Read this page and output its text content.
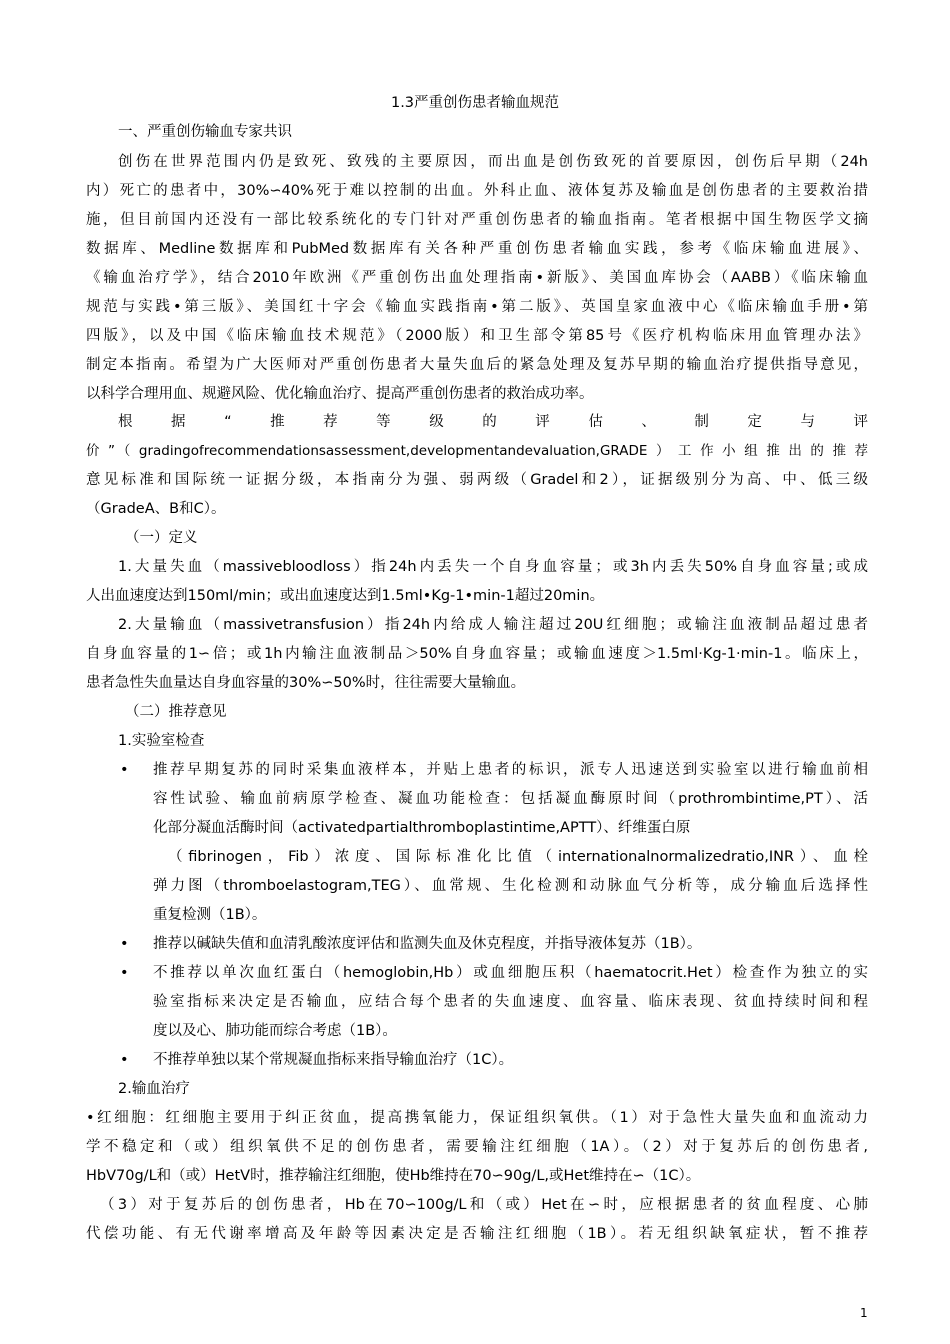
1.3严重创伤患者输血规范
一、严重创伤输血专家共识
创伤在世界范围内仍是致死、致残的主要原因，而出血是创伤致死的首要原因，创伤后早期（24h
内）死亡的患者中，30%∽40%死于难以控制的出血。外科止血、液体复苏及输血是创伤患者的主要救治措
施，但目前国内还没有一部比较系统化的专门针对严重创伤患者的输血指南。笔者根据中国生物医学文摘
数据库、Medline数据库和PubMed数据库有关各种严重创伤患者输血实践，参考《临床输血进展》、
《输血治疗学》，结合2010年欧洲《严重创伤出血处理指南•新版》、美国血库协会（AABB）《临床输血
规范与实践•第三版》、美国红十字会《输血实践指南•第二版》、英国皇家血液中心《临床输血手册•第
四版》，以及中国《临床输血技术规范》（2000版）和卫生部令第85号《医疗机构临床用血管理办法》
制定本指南。希望为广大医师对严重创伤患者大量失血后的紧急处理及复苏早期的输血治疗提供指导意见，
以科学合理用血、规避风险、优化输血治疗、提高严重创伤患者的救治成功率。
根据“推荐等级的评估、制定与评
价”（gradingofrecommendationsassessment,developmentandevaluation,GRADE）工作小组推出的推荐
意见标准和国际统一证据分级，本指南分为强、弱两级（Gradel和2），证据级别分为高、中、低三级
（GradeA、B和C）。
（一）定义
1.大量失血（massivebloodloss）指24h内丢失一个自身血容量；或3h内丢失50%自身血容量;或成
人出血速度达到150ml/min；或出血速度达到1.5ml•Kg-1•min-1超过20min。
2.大量输血（massivetransfusion）指24h内给成人输注超过20U红细胞；或输注血液制品超过患者
自身血容量的1∽倍；或1h内输注血液制品＞50%自身血容量；或输血速度＞1.5ml·Kg-1·min-1。临床上，
患者急性失血量达自身血容量的30%∽50%时，往往需要大量输血。
（二）推荐意见
1.实验室检查
• 推荐早期复苏的同时采集血液样本，并贴上患者的标识，派专人迅速送到实验室以进行输血前相
容性试验、输血前病原学检查、凝血功能检查：包括凝血酶原时间（prothrombintime,PT）、活
化部分凝血活酶时间（activatedpartialthromboplastintime,APTT）、纤维蛋白原
（fibrinogen，Fib）浓度、国际标准化比值（internationalnormalizedratio,INR）、血栓
弹力图（thromboelastogram,TEG）、血常规、生化检测和动脉血气分析等，成分输血后选择性
重复检测（1B）。
• 推荐以碱缺失值和血清乳酸浓度评估和监测失血及休克程度，并指导液体复苏（1B）。
• 不推荐以单次血红蛋白（hemoglobin,Hb）或血细胞压积（haematocrit.Het）检查作为独立的实
验室指标来决定是否输血，应结合每个患者的失血速度、血容量、临床表现、贫血持续时间和程
度以及心、肺功能而综合考虑（1B）。
• 不推荐单独以某个常规凝血指标来指导输血治疗（1C）。
2.输血治疗
•红细胞：红细胞主要用于纠正贫血，提高携氧能力，保证组织氧供。（1）对于急性大量失血和血流动力
学不稳定和（或）组织氧供不足的创伤患者，需要输注红细胞（1A）。（2）对于复苏后的创伤患者,
HbV70g/L和（或）HetV时，推荐输注红细胞，使Hb维持在70∽90g/L,或Het维持在∽（1C）。
（3）对于复苏后的创伤患者，Hb在70∽100g/L和（或）Het在∽时，应根据患者的贫血程度、心肺
代偿功能、有无代谢率增高及年龄等因素决定是否输注红细胞（1B）。若无组织缺氧症状，暂不推荐
1
